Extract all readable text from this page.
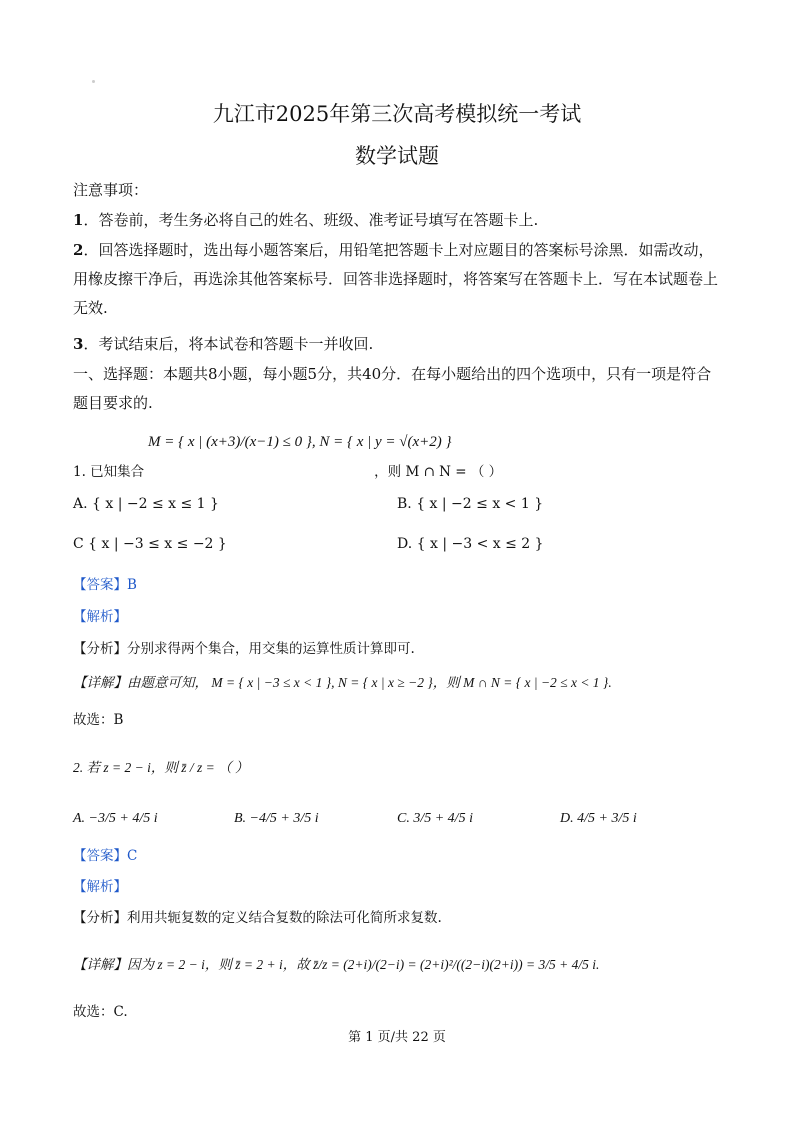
九江市2025年第三次高考模拟统一考试
数学试题
注意事项：
1．答卷前，考生务必将自己的姓名、班级、准考证号填写在答题卡上.
2．回答选择题时，选出每小题答案后，用铅笔把答题卡上对应题目的答案标号涂黑．如需改动，用橡皮擦干净后，再选涂其他答案标号．回答非选择题时，将答案写在答题卡上．写在本试题卷上无效.
3．考试结束后，将本试卷和答题卡一并收回.
一、选择题：本题共8小题，每小题5分，共40分．在每小题给出的四个选项中，只有一项是符合题目要求的.
M = { x | (x+3)/(x−1) ≤ 0 }, N = { x | y = √(x+2) }
1. 已知集合	，则 M ∩ N = （ ）
A. { x | −2 ≤ x ≤ 1 }	B. { x | −2 ≤ x < 1 }
C { x | −3 ≤ x ≤ −2 }	D. { x | −3 < x ≤ 2 }
【答案】B
【解析】
【分析】分别求得两个集合，用交集的运算性质计算即可.
【详解】由题意可知， M = { x | −3 ≤ x < 1 }, N = { x | x ≥ −2 }，则 M ∩ N = { x | −2 ≤ x < 1 }.
故选：B
2. 若 z = 2 − i，则 z̄ / z = （ ）
A. −3/5 + 4/5 i	B. −4/5 + 3/5 i	C. 3/5 + 4/5 i	D. 4/5 + 3/5 i
【答案】C
【解析】
【分析】利用共轭复数的定义结合复数的除法可化简所求复数.
【详解】因为 z = 2 − i，则 z̄ = 2 + i，故 z̄/z = (2+i)/(2−i) = (2+i)²/((2−i)(2+i)) = 3/5 + 4/5 i.
故选：C.
第 1 页/共 22 页
